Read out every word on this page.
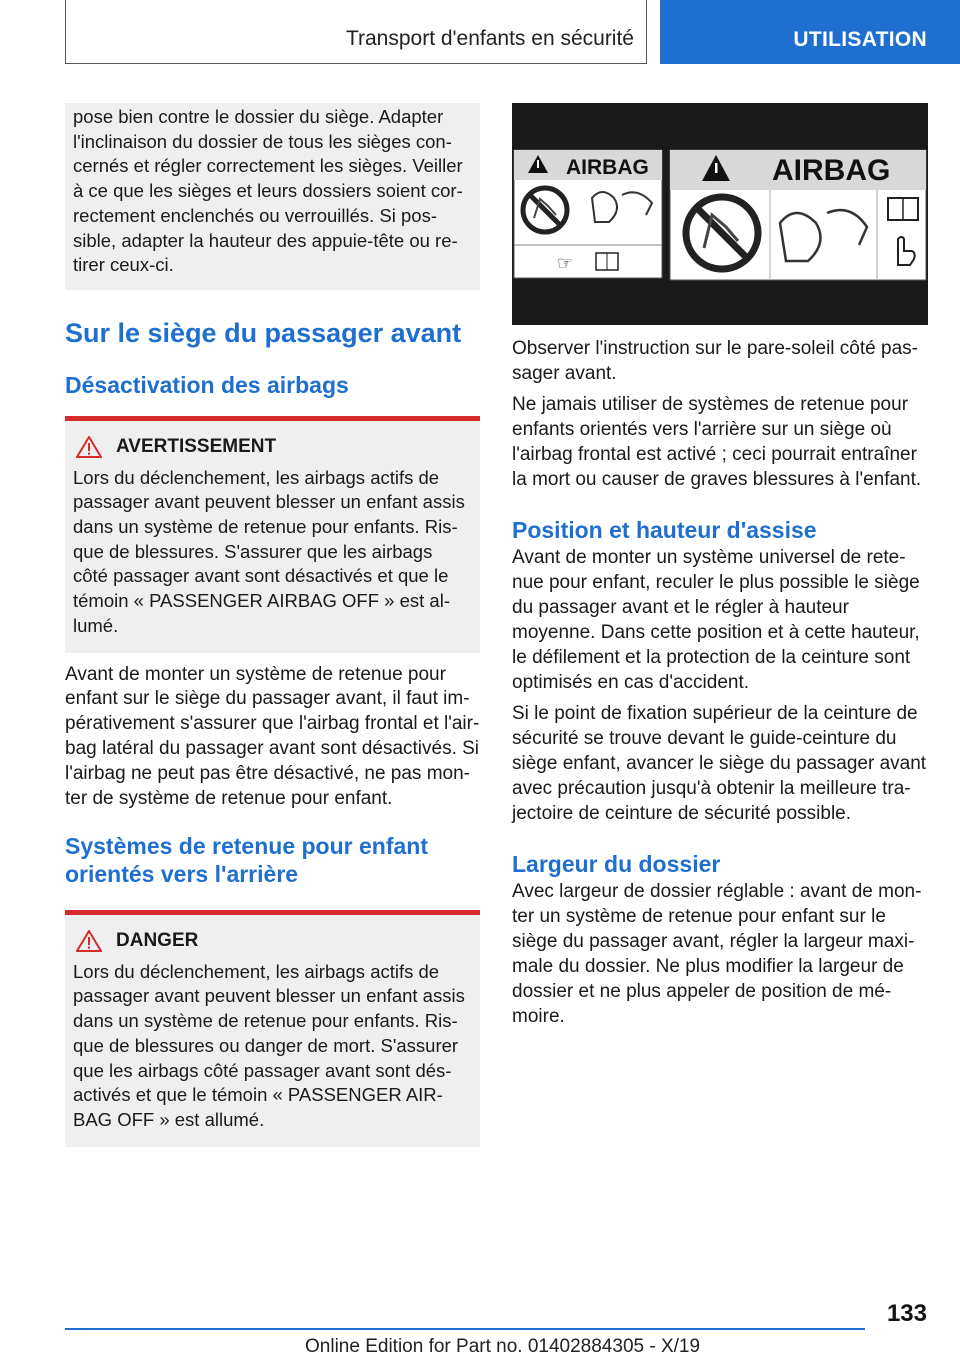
Transport d'enfants en sécurité	UTILISATION

pose bien contre le dossier du siège. Adapter l'inclinaison du dossier de tous les sièges concernés et régler correctement les sièges. Veiller à ce que les sièges et leurs dossiers soient correctement enclenchés ou verrouillés. Si possible, adapter la hauteur des appuie-tête ou retirer ceux-ci.

Sur le siège du passager avant
Désactivation des airbags
AVERTISSEMENT

Lors du déclenchement, les airbags actifs de passager avant peuvent blesser un enfant assis dans un système de retenue pour enfants. Risque de blessures. S'assurer que les airbags côté passager avant sont désactivés et que le témoin « PASSENGER AIRBAG OFF » est allumé.

Avant de monter un système de retenue pour enfant sur le siège du passager avant, il faut impérativement s'assurer que l'airbag frontal et l'airbag latéral du passager avant sont désactivés. Si l'airbag ne peut pas être désactivé, ne pas monter de système de retenue pour enfant.

Systèmes de retenue pour enfant orientés vers l'arrière
DANGER

Lors du déclenchement, les airbags actifs de passager avant peuvent blesser un enfant assis dans un système de retenue pour enfants. Risque de blessures ou danger de mort. S'assurer que les airbags côté passager avant sont désactivés et que le témoin « PASSENGER AIRBAG OFF » est allumé.

AIRBAG
☞
AIRBAG

Observer l'instruction sur le pare-soleil côté passager avant.

Ne jamais utiliser de systèmes de retenue pour enfants orientés vers l'arrière sur un siège où l'airbag frontal est activé ; ceci pourrait entraîner la mort ou causer de graves blessures à l'enfant.

Position et hauteur d'assise

Avant de monter un système universel de retenue pour enfant, reculer le plus possible le siège du passager avant et le régler à hauteur moyenne. Dans cette position et à cette hauteur, le défilement et la protection de la ceinture sont optimisés en cas d'accident.

Si le point de fixation supérieur de la ceinture de sécurité se trouve devant le guide-ceinture du siège enfant, avancer le siège du passager avant avec précaution jusqu'à obtenir la meilleure trajectoire de ceinture de sécurité possible.

Largeur du dossier

Avec largeur de dossier réglable : avant de monter un système de retenue pour enfant sur le siège du passager avant, régler la largeur maximale du dossier. Ne plus modifier la largeur de dossier et ne plus appeler de position de mémoire.

133
Online Edition for Part no. 01402884305 - X/19
